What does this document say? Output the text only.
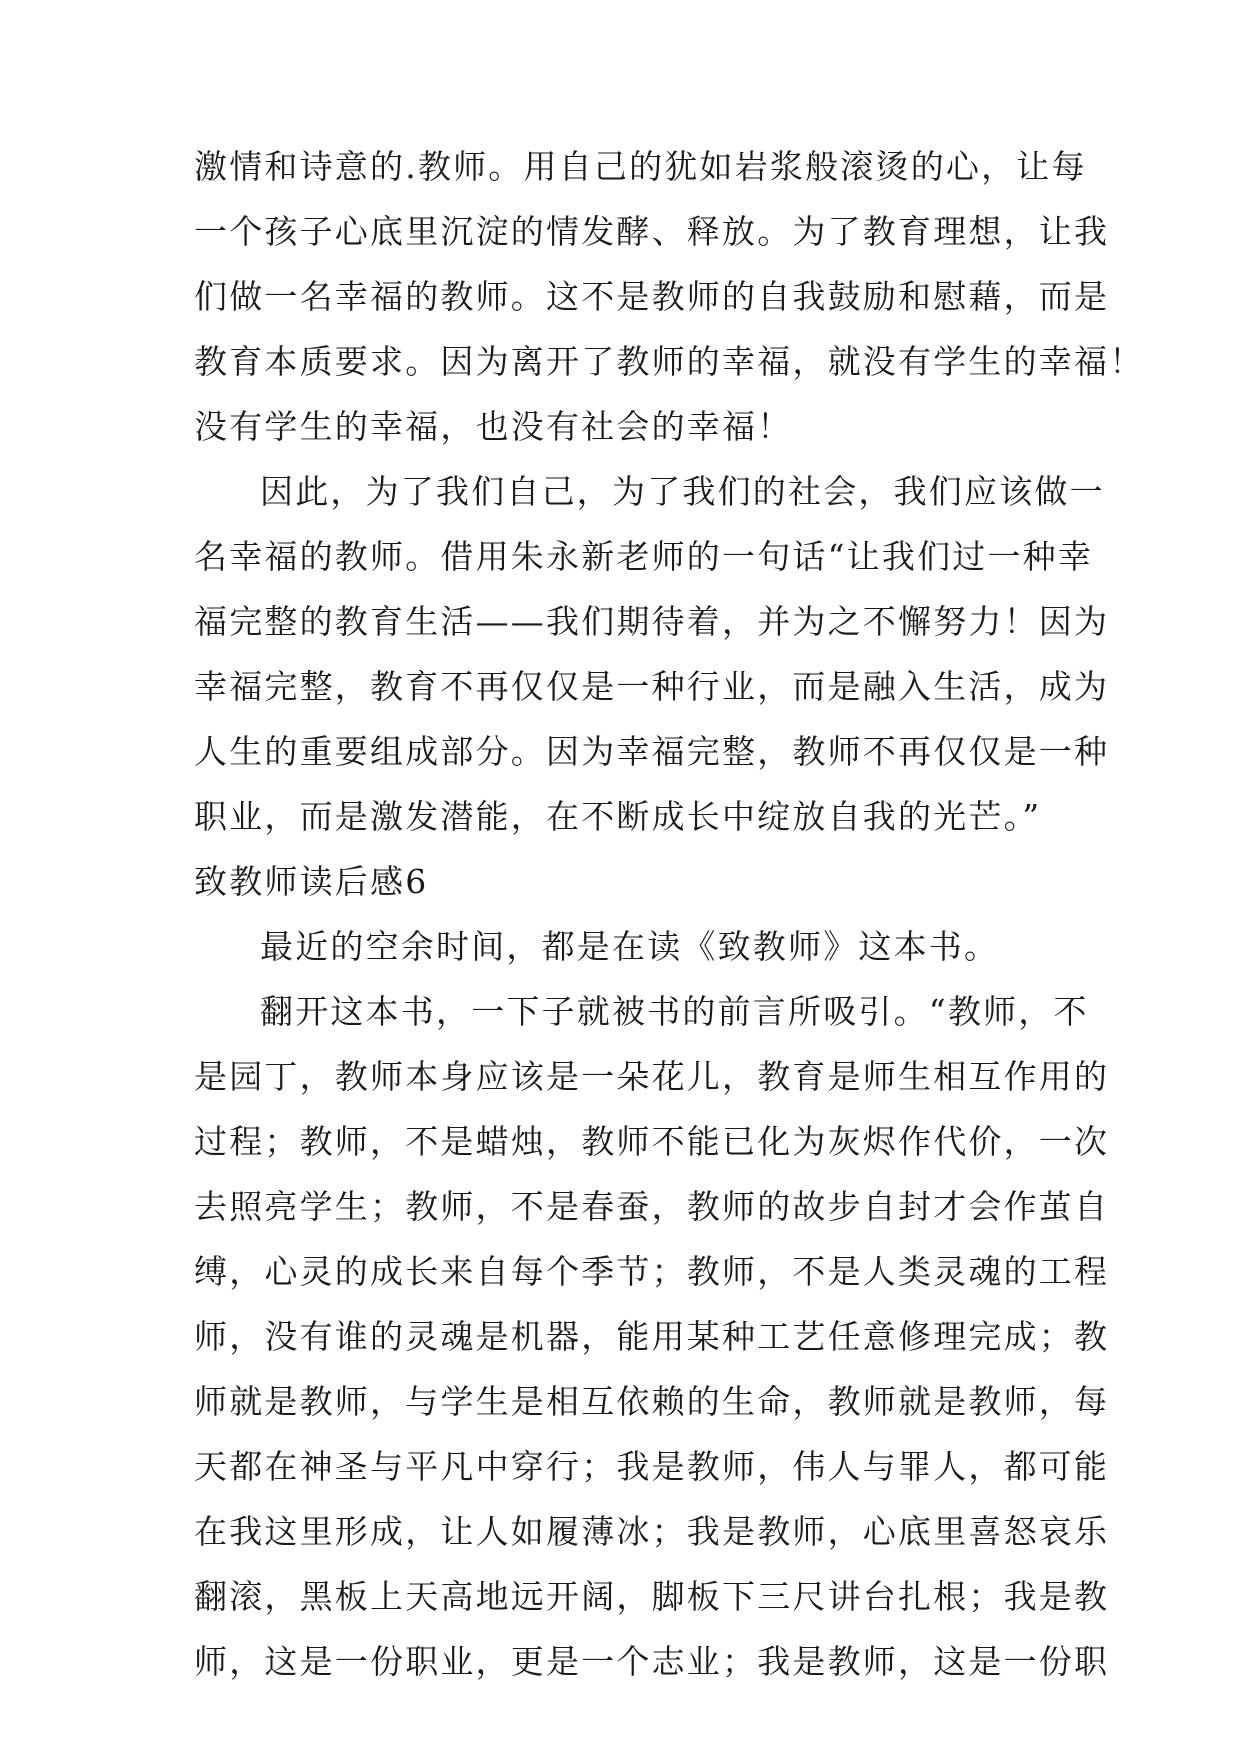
激情和诗意的.教师。用自己的犹如岩浆般滚烫的心，让每
一个孩子心底里沉淀的情发酵、释放。为了教育理想，让我
们做一名幸福的教师。这不是教师的自我鼓励和慰藉，而是
教育本质要求。因为离开了教师的幸福，就没有学生的幸福！
没有学生的幸福，也没有社会的幸福！
因此，为了我们自己，为了我们的社会，我们应该做一
名幸福的教师。借用朱永新老师的一句话“让我们过一种幸
福完整的教育生活——我们期待着，并为之不懈努力！因为
幸福完整，教育不再仅仅是一种行业，而是融入生活，成为
人生的重要组成部分。因为幸福完整，教师不再仅仅是一种
职业，而是激发潜能，在不断成长中绽放自我的光芒。”
致教师读后感6
最近的空余时间，都是在读《致教师》这本书。
翻开这本书，一下子就被书的前言所吸引。“教师，不
是园丁，教师本身应该是一朵花儿，教育是师生相互作用的
过程；教师，不是蜡烛，教师不能已化为灰烬作代价，一次
去照亮学生；教师，不是春蚕，教师的故步自封才会作茧自
缚，心灵的成长来自每个季节；教师，不是人类灵魂的工程
师，没有谁的灵魂是机器，能用某种工艺任意修理完成；教
师就是教师，与学生是相互依赖的生命，教师就是教师，每
天都在神圣与平凡中穿行；我是教师，伟人与罪人，都可能
在我这里形成，让人如履薄冰；我是教师，心底里喜怒哀乐
翻滚，黑板上天高地远开阔，脚板下三尺讲台扎根；我是教
师，这是一份职业，更是一个志业；我是教师，这是一份职
